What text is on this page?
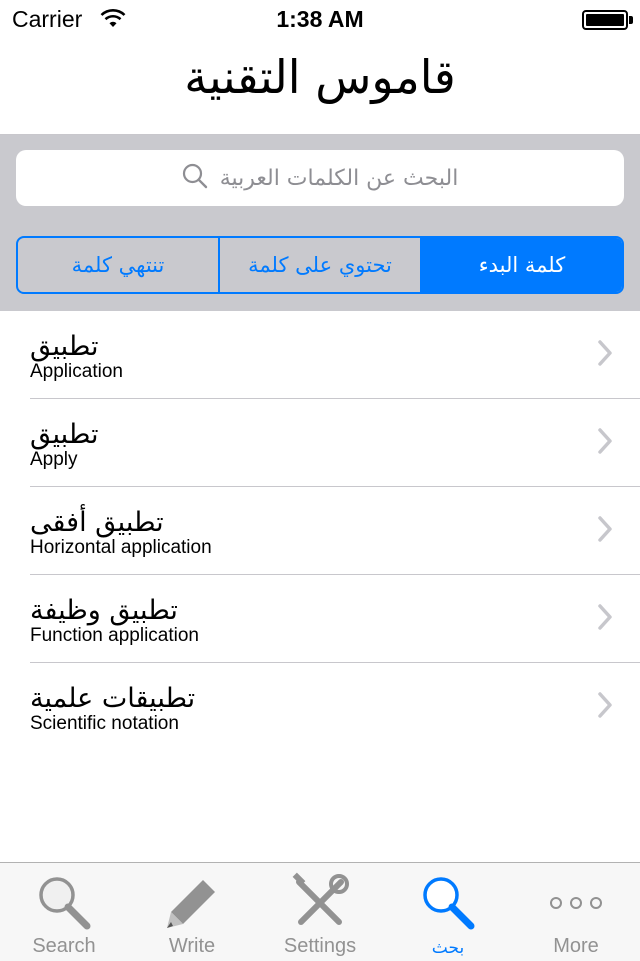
Carrier	1:38 AM
قاموس التقنية
البحث عن الكلمات العربية
تنتهي كلمة	تحتوي على كلمة	كلمة البدء
تطبيق
Application
تطبيق
Apply
تطبيق أفقى
Horizontal application
تطبيق وظيفة
Function application
تطبيقات علمية
Scientific notation
Search	Write	Settings	بحث	More
